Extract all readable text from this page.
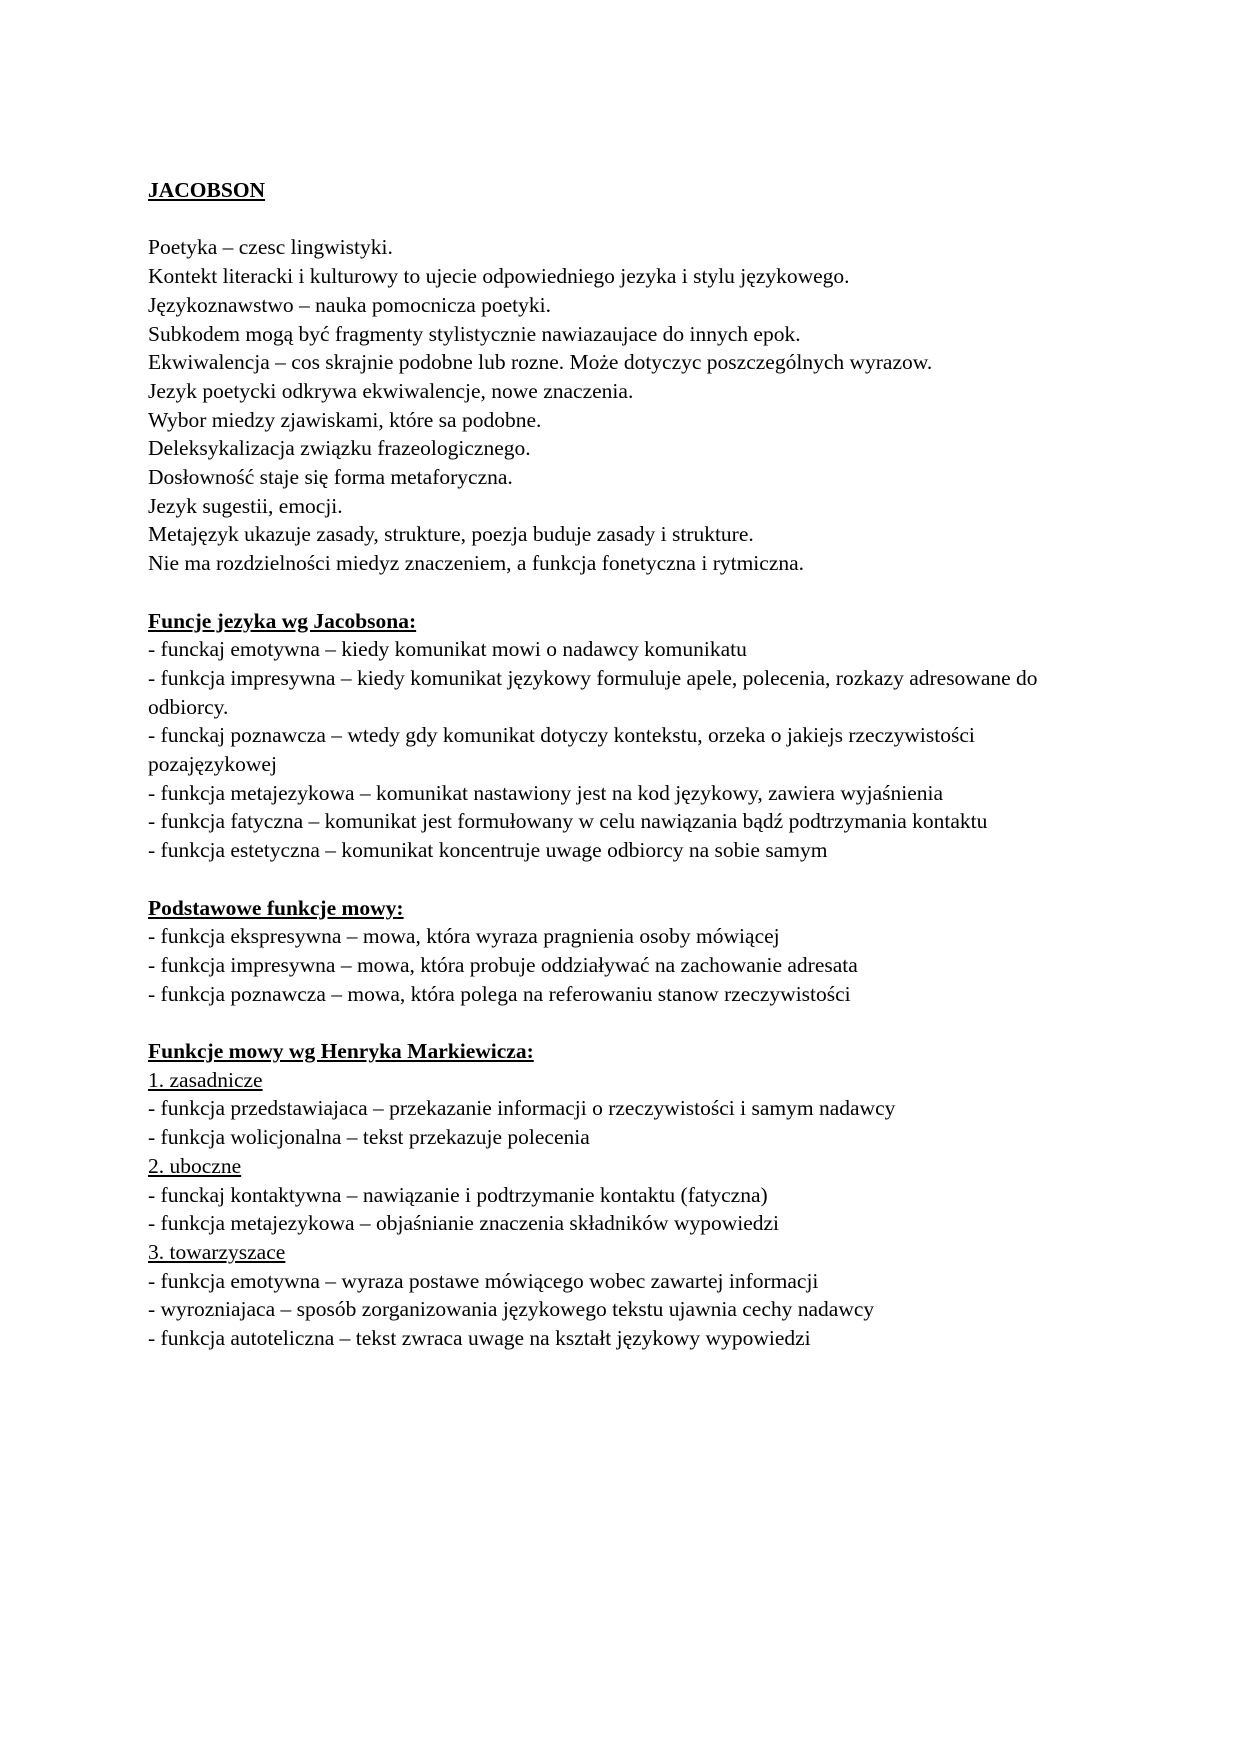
JACOBSON

Poetyka – czesc lingwistyki.

Kontekt literacki i kulturowy to ujecie odpowiedniego jezyka i stylu językowego.

Językoznawstwo – nauka pomocnicza poetyki.

Subkodem mogą być fragmenty stylistycznie nawiazaujace do innych epok.

Ekwiwalencja – cos skrajnie podobne lub rozne. Może dotyczyc poszczególnych wyrazow.

Jezyk poetycki odkrywa ekwiwalencje, nowe znaczenia.

Wybor miedzy zjawiskami, które sa podobne.

Deleksykalizacja związku frazeologicznego.

Dosłowność staje się forma metaforyczna.

Jezyk sugestii, emocji.

Metajęzyk ukazuje zasady, strukture, poezja buduje zasady i strukture.

Nie ma rozdzielności miedyz znaczeniem, a funkcja fonetyczna i rytmiczna.

Funcje jezyka wg Jacobsona:

- funckaj emotywna – kiedy komunikat mowi o nadawcy komunikatu

- funkcja impresywna – kiedy komunikat językowy formuluje apele, polecenia, rozkazy adresowane do odbiorcy.

- funckaj poznawcza – wtedy gdy komunikat dotyczy kontekstu, orzeka o jakiejs rzeczywistości pozajęzykowej

- funkcja metajezykowa – komunikat nastawiony jest na kod językowy, zawiera wyjaśnienia

- funkcja fatyczna – komunikat jest formułowany w celu nawiązania bądź podtrzymania kontaktu

- funkcja estetyczna – komunikat koncentruje uwage odbiorcy na sobie samym

Podstawowe funkcje mowy:

- funkcja ekspresywna – mowa, która wyraza pragnienia osoby mówiącej

- funkcja impresywna – mowa, która probuje oddziaływać na zachowanie adresata

- funkcja poznawcza – mowa, która polega na referowaniu stanow rzeczywistości

Funkcje mowy wg Henryka Markiewicza:

1. zasadnicze

- funkcja przedstawiajaca – przekazanie informacji o rzeczywistości i samym nadawcy

- funkcja wolicjonalna – tekst przekazuje polecenia

2. uboczne

- funckaj kontaktywna – nawiązanie i podtrzymanie kontaktu (fatyczna)

- funkcja metajezykowa – objaśnianie znaczenia składników wypowiedzi

3. towarzyszace

- funkcja emotywna – wyraza postawe mówiącego wobec zawartej informacji

- wyrozniajaca – sposób zorganizowania językowego tekstu ujawnia cechy nadawcy

- funkcja autoteliczna – tekst zwraca uwage na kształt językowy wypowiedzi
